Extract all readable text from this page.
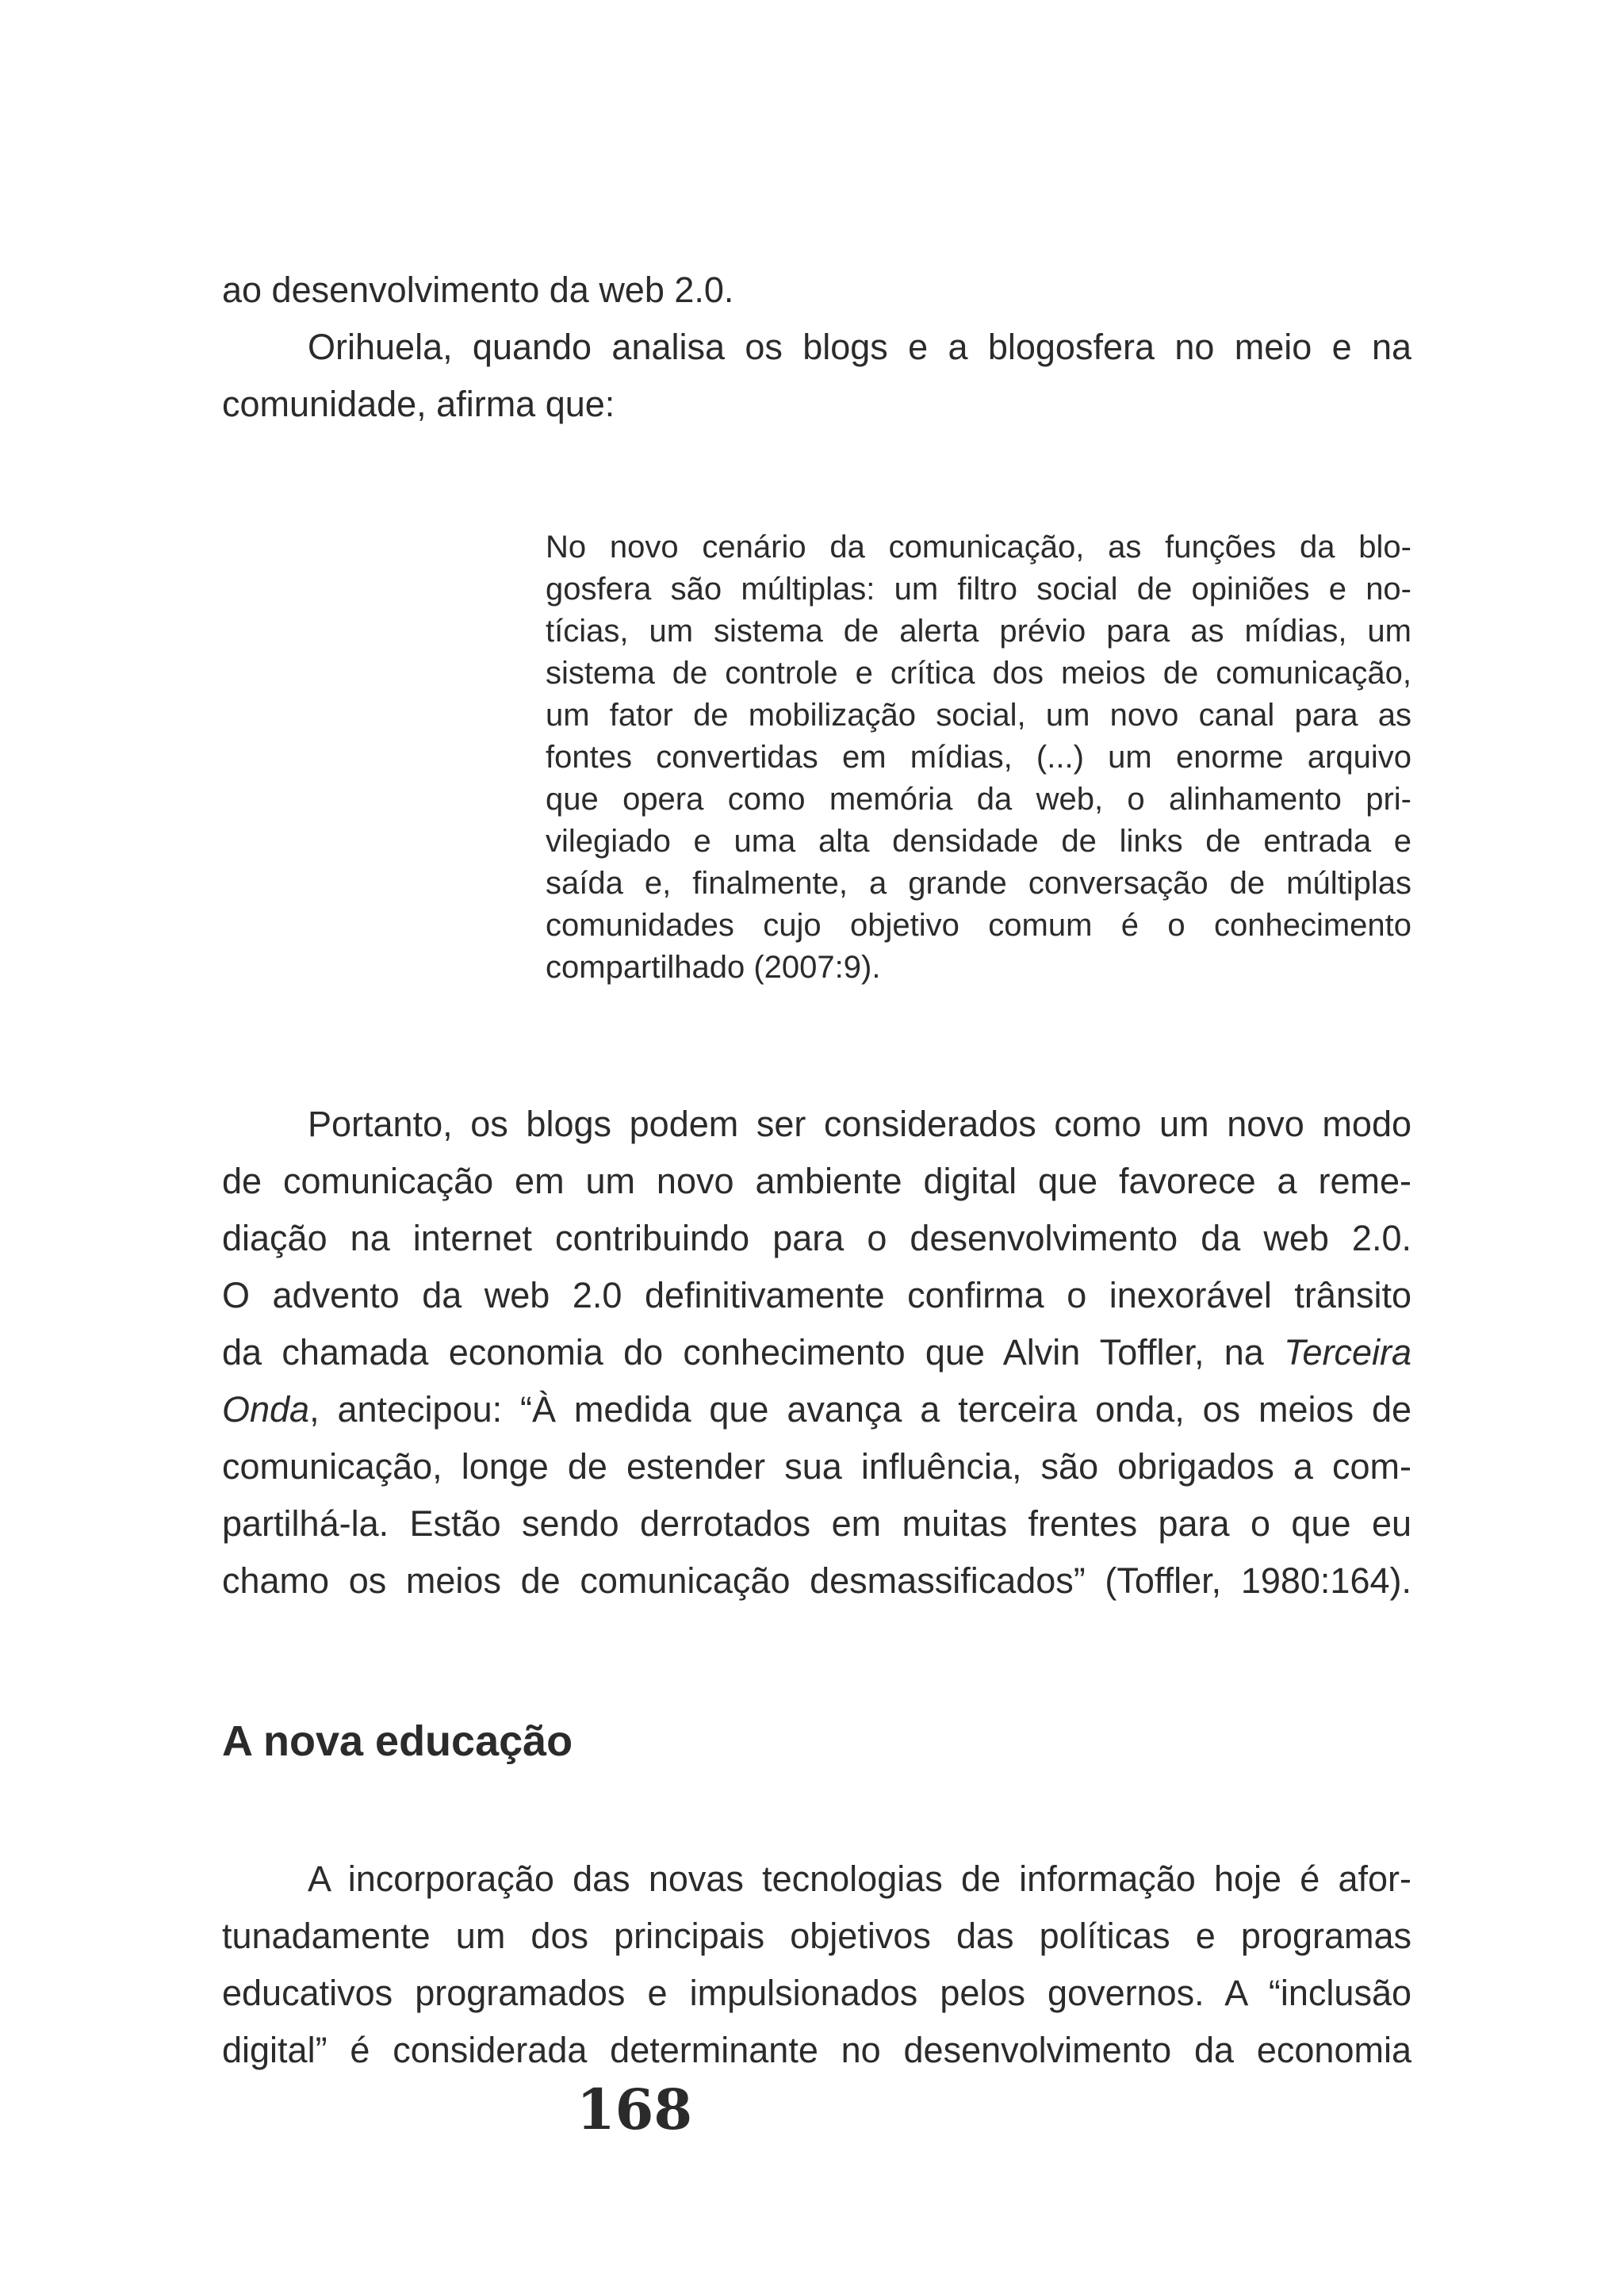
ao desenvolvimento da web 2.0.
Orihuela, quando analisa os blogs e a blogosfera no meio e na
comunidade, afirma que:
No novo cenário da comunicação, as funções da blo-
gosfera são múltiplas: um filtro social de opiniões e no-
tícias, um sistema de alerta prévio para as mídias, um
sistema de controle e crítica dos meios de comunicação,
um fator de mobilização social, um novo canal para as
fontes convertidas em mídias, (...) um enorme arquivo
que opera como memória da web, o alinhamento pri-
vilegiado e uma alta densidade de links de entrada e
saída e, finalmente, a grande conversação de múltiplas
comunidades cujo objetivo comum é o conhecimento
compartilhado (2007:9).
Portanto, os blogs podem ser considerados como um novo modo
de comunicação em um novo ambiente digital que favorece a reme-
diação na internet contribuindo para o desenvolvimento da web 2.0.
O advento da web 2.0 definitivamente confirma o inexorável trânsito
da chamada economia do conhecimento que Alvin Toffler, na Terceira
Onda, antecipou: “À medida que avança a terceira onda, os meios de
comunicação, longe de estender sua influência, são obrigados a com-
partilhá-la. Estão sendo derrotados em muitas frentes para o que eu
chamo os meios de comunicação desmassificados” (Toffler, 1980:164).
A nova educação
A incorporação das novas tecnologias de informação hoje é afor-
tunadamente um dos principais objetivos das políticas e programas
educativos programados e impulsionados pelos governos. A “inclusão
digital” é considerada determinante no desenvolvimento da economia
168
